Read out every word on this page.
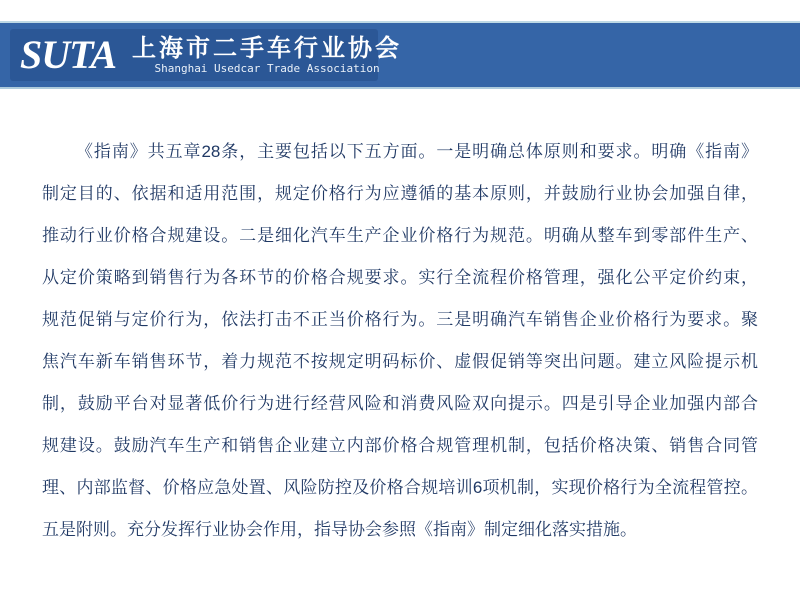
SUTA 上海市二手车行业协会
Shanghai Usedcar Trade Association

《指南》共五章28条，主要包括以下五方面。一是明确总体原则和要求。明确《指南》

制定目的、依据和适用范围，规定价格行为应遵循的基本原则，并鼓励行业协会加强自律，

推动行业价格合规建设。二是细化汽车生产企业价格行为规范。明确从整车到零部件生产、

从定价策略到销售行为各环节的价格合规要求。实行全流程价格管理，强化公平定价约束，

规范促销与定价行为，依法打击不正当价格行为。三是明确汽车销售企业价格行为要求。聚

焦汽车新车销售环节，着力规范不按规定明码标价、虚假促销等突出问题。建立风险提示机

制，鼓励平台对显著低价行为进行经营风险和消费风险双向提示。四是引导企业加强内部合

规建设。鼓励汽车生产和销售企业建立内部价格合规管理机制，包括价格决策、销售合同管

理、内部监督、价格应急处置、风险防控及价格合规培训6项机制，实现价格行为全流程管控。

五是附则。充分发挥行业协会作用，指导协会参照《指南》制定细化落实措施。
